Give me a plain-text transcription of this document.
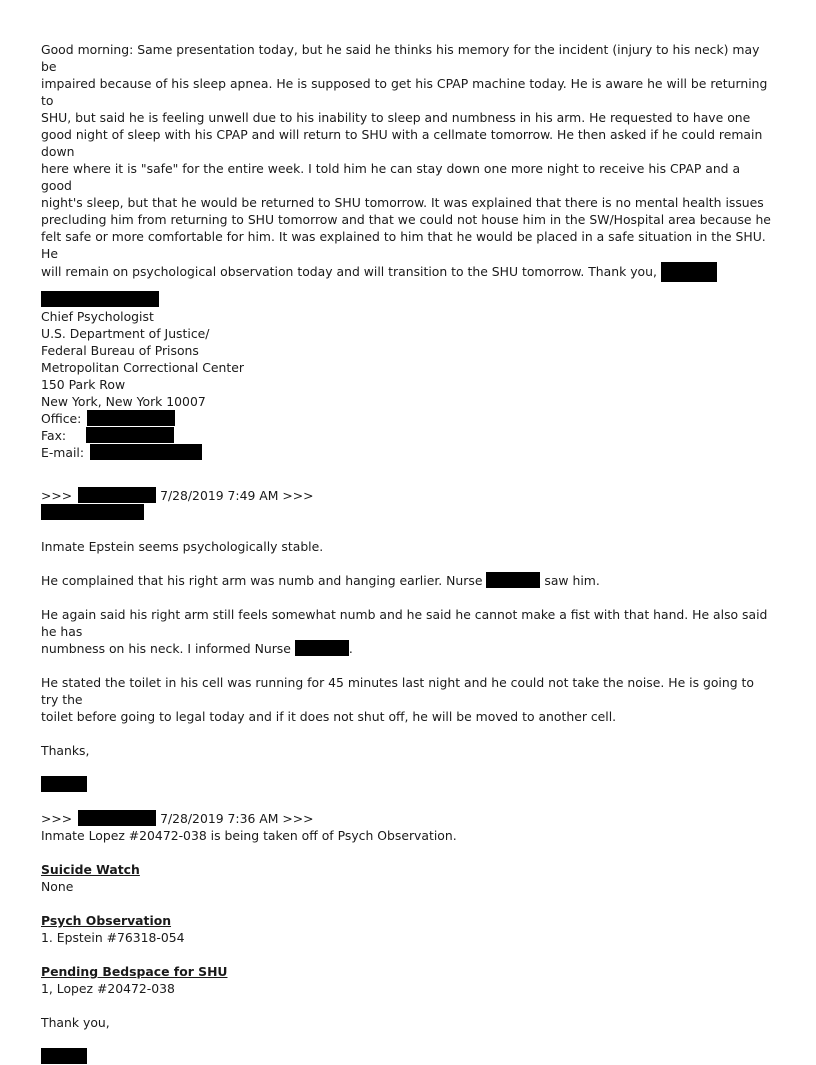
Good morning: Same presentation today, but he said he thinks his memory for the incident (injury to his neck) may be
impaired because of his sleep apnea. He is supposed to get his CPAP machine today. He is aware he will be returning to
SHU, but said he is feeling unwell due to his inability to sleep and numbness in his arm. He requested to have one
good night of sleep with his CPAP and will return to SHU with a cellmate tomorrow. He then asked if he could remain down
here where it is "safe" for the entire week. I told him he can stay down one more night to receive his CPAP and a good
night's sleep, but that he would be returned to SHU tomorrow. It was explained that there is no mental health issues
precluding him from returning to SHU tomorrow and that we could not house him in the SW/Hospital area because he
felt safe or more comfortable for him. It was explained to him that he would be placed in a safe situation in the SHU. He
will remain on psychological observation today and will transition to the SHU tomorrow. Thank you,
Chief Psychologist
U.S. Department of Justice/
Federal Bureau of Prisons
Metropolitan Correctional Center
150 Park Row
New York, New York 10007
Office:
Fax:
E-mail:
>>>	7/28/2019 7:49 AM >>>

Inmate Epstein seems psychologically stable.

He complained that his right arm was numb and hanging earlier. Nurse	saw him.

He again said his right arm still feels somewhat numb and he said he cannot make a fist with that hand. He also said he has

numbness on his neck. I informed Nurse	.

He stated the toilet in his cell was running for 45 minutes last night and he could not take the noise. He is going to try the

toilet before going to legal today and if it does not shut off, he will be moved to another cell.

Thanks,

>>>	7/28/2019 7:36 AM >>>

Inmate Lopez #20472-038 is being taken off of Psych Observation.

Suicide Watch

None

Psych Observation

1. Epstein #76318-054

Pending Bedspace for SHU

1, Lopez #20472-038

Thank you,
